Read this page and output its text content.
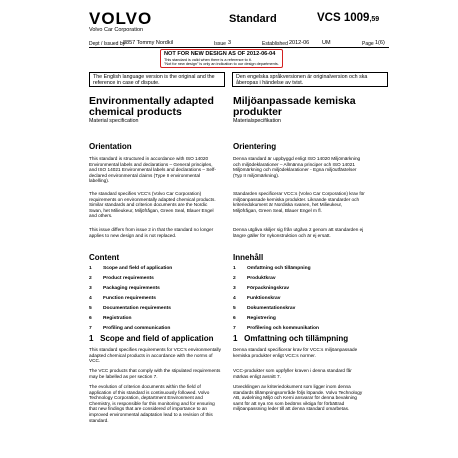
VOLVO
Volvo Car Corporation
Standard	VCS 1009,59
Dept / Issued by
8857 Tommy Nordkil	Issue 3	Established 2012-06 UM	Page 1(6)
NOT FOR NEW DESIGN AS OF 2012-06-04
This standard is valid when there is a reference to it.
"Not for new design" is only an indication to our design departments.
The English language version is the original and the reference in case of dispute.
Den engelska språkversionen är originalversion och ska åberopas i händelse av tvist.
Environmentally adapted chemical products
Material specification
Orientation
This standard is structured in accordance with ISO 14020 Environmental labels and declarations – General principles, and ISO 14021 Environmental labels and declarations – Self-declared environmental claims (Type II environmental labelling).
The standard specifies VCC's (Volvo Car Corporation) requirements on environmentally adapted chemical products. Similar standards and criterion documents are the Nordic Swan, het Milieukeur, Miljöfrågan, Green Seal, Blauer Engel and others.
This issue differs from issue 2 in that the standard no longer applies to new design and is not replaced.
Content
1 Scope and field of application
2 Product requirements
3 Packaging requirements
4 Function requirements
5 Documentation requirements
6 Registration
7 Profiling and communication
1   Scope and field of application
This standard specifies requirements for VCC's environmentally adapted chemical products in accordance with the norms of VCC.
The VCC products that comply with the stipulated requirements may be labelled as per section 7.
The evolution of criterion documents within the field of application of this standard is continuously followed. Volvo Technology Corporation, deptartment Environment and Chemistry, is responsible for this monitoring and for ensuring that new findings that are considered of importance to an improved environmental adaptation lead to a revision of this standard.
Miljöanpassade kemiska produkter
Materialspecifikation
Orientering
Denna standard är uppbyggd enligt ISO 14020 Miljömärkning och miljödeklarationer – Allmänna principer och ISO 14021 Miljömärkning och miljödeklarationer - Egna miljöutfästelser (Typ II miljömärkning).
Standarden specificerar VCC:s (Volvo Car Corporation) krav för miljöanpassade kemiska produkter. Liknande standarder och kriteriedokument är Nordiska svanen, het Milieukeur, Miljöfrågan, Green Seal, Blauer Engel m fl.
Denna utgåva skiljer sig från utgåva 2 genom att standarden ej längre gäller för nykonstruktion och är ej ersatt.
Innehåll
1 Omfattning och tillämpning
2 Produktkrav
3 Förpackningskrav
4 Funktionskrav
5 Dokumentationskrav
6 Registrering
7 Profilering och kommunikation
1   Omfattning och tillämpning
Denna standard specificerar krav för VCC:s miljöanpassade kemiska produkter enligt VCC:s normer.
VCC-produkter som uppfyller kraven i denna standard får märkas enligt avsnitt 7.
Utvecklingen av kriteriedokument som ligger inom denna standards tillämpningsområde följs löpande. Volvo Technology AB, avdelning Miljö och Kemi ansvarar för denna bevakning samt för att nya rön som bedöms viktiga för förbättrad miljöanpassning leder till att denna standard omarbetas.
